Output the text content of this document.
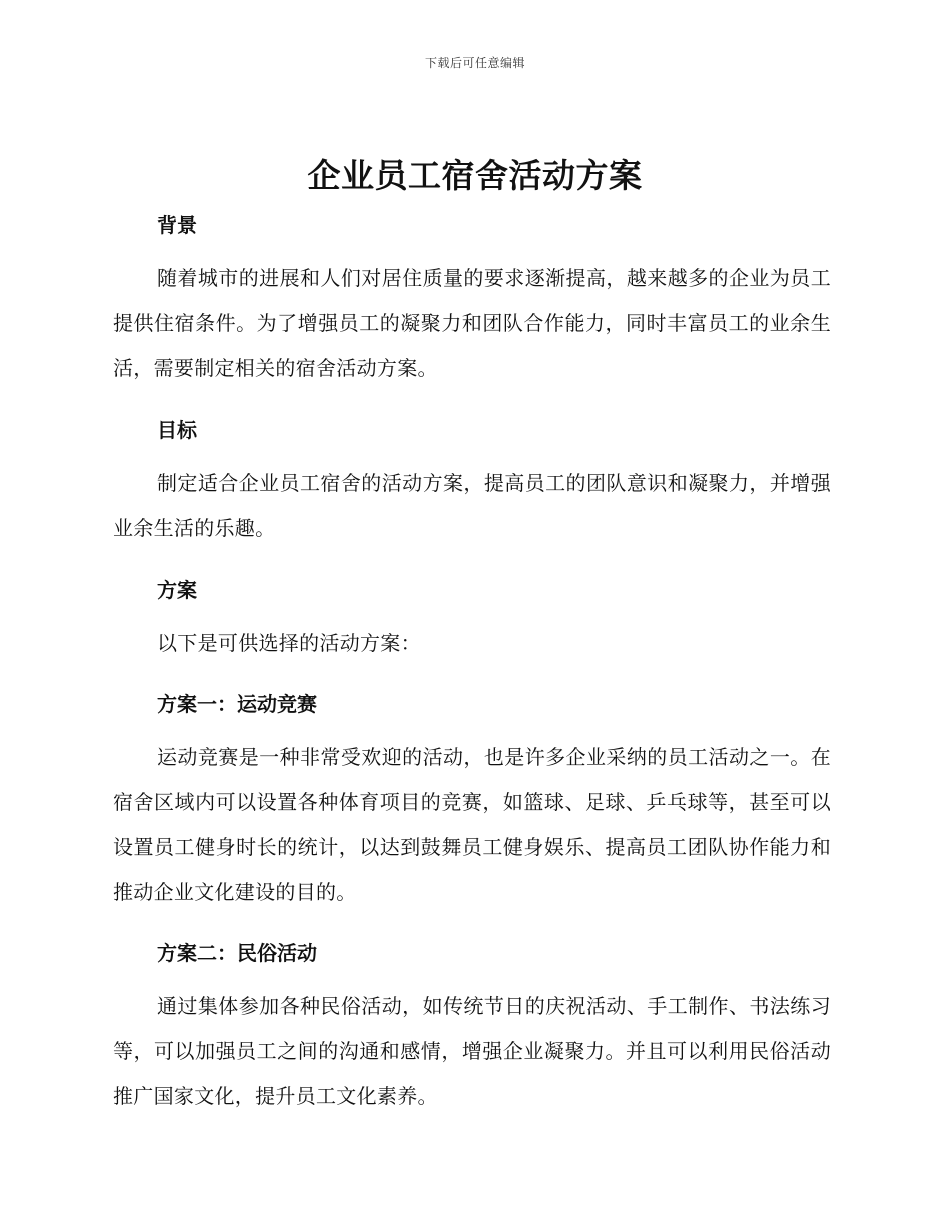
下载后可任意编辑
企业员工宿舍活动方案
背景
随着城市的进展和人们对居住质量的要求逐渐提高，越来越多的企业为员工提供住宿条件。为了增强员工的凝聚力和团队合作能力，同时丰富员工的业余生活，需要制定相关的宿舍活动方案。
目标
制定适合企业员工宿舍的活动方案，提高员工的团队意识和凝聚力，并增强业余生活的乐趣。
方案
以下是可供选择的活动方案：
方案一：运动竞赛
运动竞赛是一种非常受欢迎的活动，也是许多企业采纳的员工活动之一。在宿舍区域内可以设置各种体育项目的竞赛，如篮球、足球、乒乓球等，甚至可以设置员工健身时长的统计，以达到鼓舞员工健身娱乐、提高员工团队协作能力和推动企业文化建设的目的。
方案二：民俗活动
通过集体参加各种民俗活动，如传统节日的庆祝活动、手工制作、书法练习等，可以加强员工之间的沟通和感情，增强企业凝聚力。并且可以利用民俗活动推广国家文化，提升员工文化素养。
